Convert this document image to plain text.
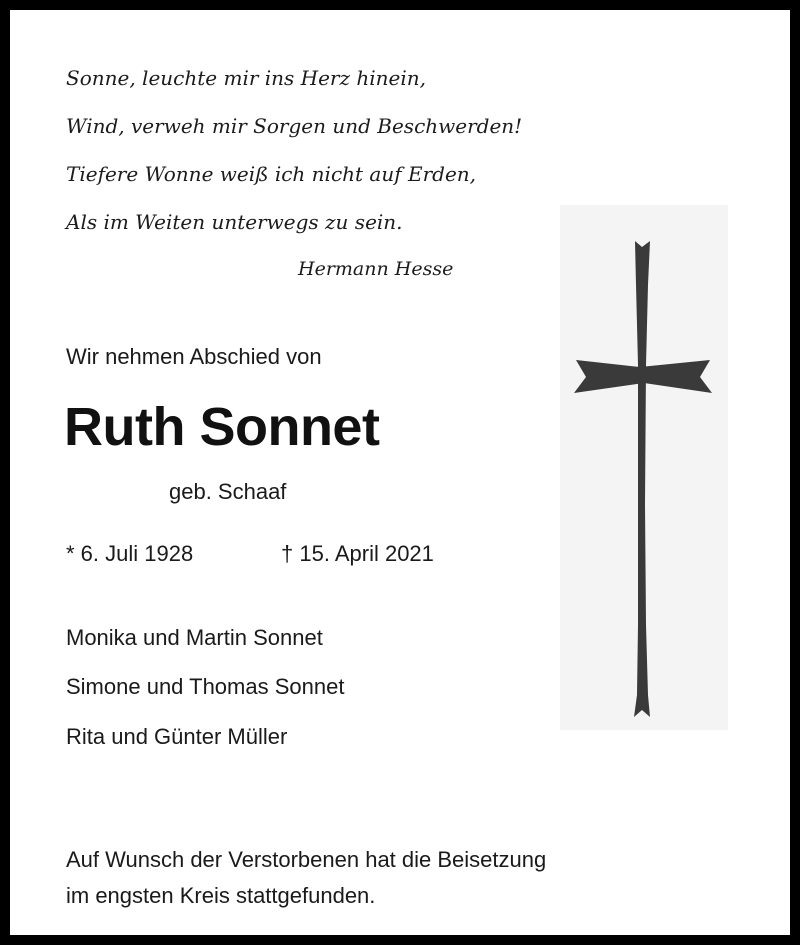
Sonne, leuchte mir ins Herz hinein,
Wind, verweh mir Sorgen und Beschwerden!
Tiefere Wonne weiß ich nicht auf Erden,
Als im Weiten unterwegs zu sein.
Hermann Hesse
Wir nehmen Abschied von
Ruth Sonnet
geb. Schaaf
* 6. Juli 1928	† 15. April 2021
Monika und Martin Sonnet
Simone und Thomas Sonnet
Rita und Günter Müller
Auf Wunsch der Verstorbenen hat die Beisetzung
im engsten Kreis stattgefunden.
